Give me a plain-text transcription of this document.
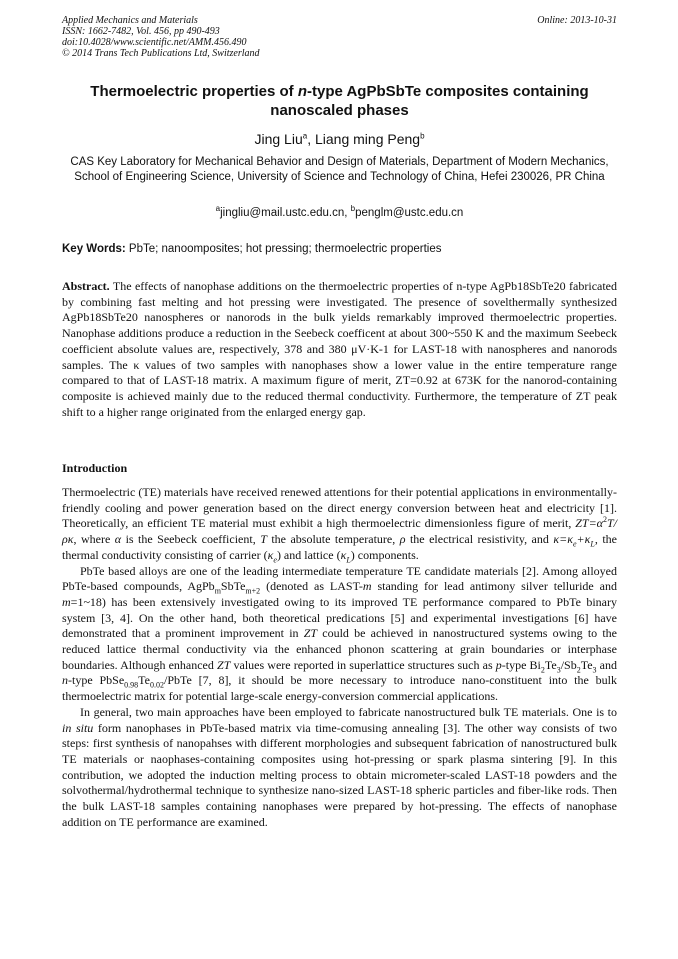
Applied Mechanics and Materials
ISSN: 1662-7482, Vol. 456, pp 490-493
doi:10.4028/www.scientific.net/AMM.456.490
© 2014 Trans Tech Publications Ltd, Switzerland
Online: 2013-10-31
Thermoelectric properties of n-type AgPbSbTe composites containing nanoscaled phases
Jing Liu$^a$, Liang ming Peng$^b$
CAS Key Laboratory for Mechanical Behavior and Design of Materials, Department of Modern Mechanics, School of Engineering Science, University of Science and Technology of China, Hefei 230026, PR China
$^a$jingliu@mail.ustc.edu.cn, $^b$penglm@ustc.edu.cn
Key Words: PbTe; nanoomposites; hot pressing; thermoelectric properties
Abstract. The effects of nanophase additions on the thermoelectric properties of n-type AgPb18SbTe20 fabricated by combining fast melting and hot pressing were investigated. The presence of sovelthermally synthesized AgPb18SbTe20 nanospheres or nanorods in the bulk yields remarkably improved thermoelectric properties. Nanophase additions produce a reduction in the Seebeck coefficent at about 300~550 K and the maximum Seebeck coefficient absolute values are, respectively, 378 and 380 μV·K-1 for LAST-18 with nanospheres and nanorods samples. The κ values of two samples with nanophases show a lower value in the entire temperature range compared to that of LAST-18 matrix. A maximum figure of merit, ZT=0.92 at 673K for the nanorod-containing composite is achieved mainly due to the reduced thermal conductivity. Furthermore, the temperature of ZT peak shift to a higher range originated from the enlarged energy gap.
Introduction

Thermoelectric (TE) materials have received renewed attentions for their potential applications in environmentally-friendly cooling and power generation based on the direct energy conversion between heat and electricity [1]. Theoretically, an efficient TE material must exhibit a high thermoelectric dimensionless figure of merit, $ZT=\alpha^2T/\rho\kappa$, where α is the Seebeck coefficient, T the absolute temperature, ρ the electrical resistivity, and $\kappa=\kappa_e+\kappa_L$, the thermal conductivity consisting of carrier $(\kappa_e)$ and lattice $(\kappa_L)$ components.

PbTe based alloys are one of the leading intermediate temperature TE candidate materials [2]. Among alloyed PbTe-based compounds, AgPb$_m$SbTe$_{m+2}$ (denoted as LAST-m standing for lead antimony silver telluride and m=1~18) has been extensively investigated owing to its improved TE performance compared to PbTe binary system [3, 4]. On the other hand, both theoretical predications [5] and experimental investigations [6] have demonstrated that a prominent improvement in ZT could be achieved in nanostructured systems owing to the reduced lattice thermal conductivity via the enhanced phonon scattering at grain boundaries or interphase boundaries. Although enhanced ZT values were reported in superlattice structures such as p-type $Bi_2Te_3/Sb_2Te_3$ and n-type $PbSe_{0.98}Te_{0.02}$/PbTe [7, 8], it should be more necessary to introduce nano-constituent into the bulk thermoelectric matrix for potential large-scale energy-conversion commercial applications.

In general, two main approaches have been employed to fabricate nanostructured bulk TE materials. One is to in situ form nanophases in PbTe-based matrix via time-comusing annealing [3]. The other way consists of two steps: first synthesis of nanopahses with different morphologies and subsequent fabrication of nanostructured bulk TE materials or naophases-containing composites using hot-pressing or spark plasma sintering [9]. In this contribution, we adopted the induction melting process to obtain micrometer-scaled LAST-18 powders and the solvothermal/hydrothermal technique to synthesize nano-sized LAST-18 spheric particles and fiber-like rods. Then the bulk LAST-18 samples containing nanophases were prepared by hot-pressing. The effects of nanophase addition on TE performance are examined.
